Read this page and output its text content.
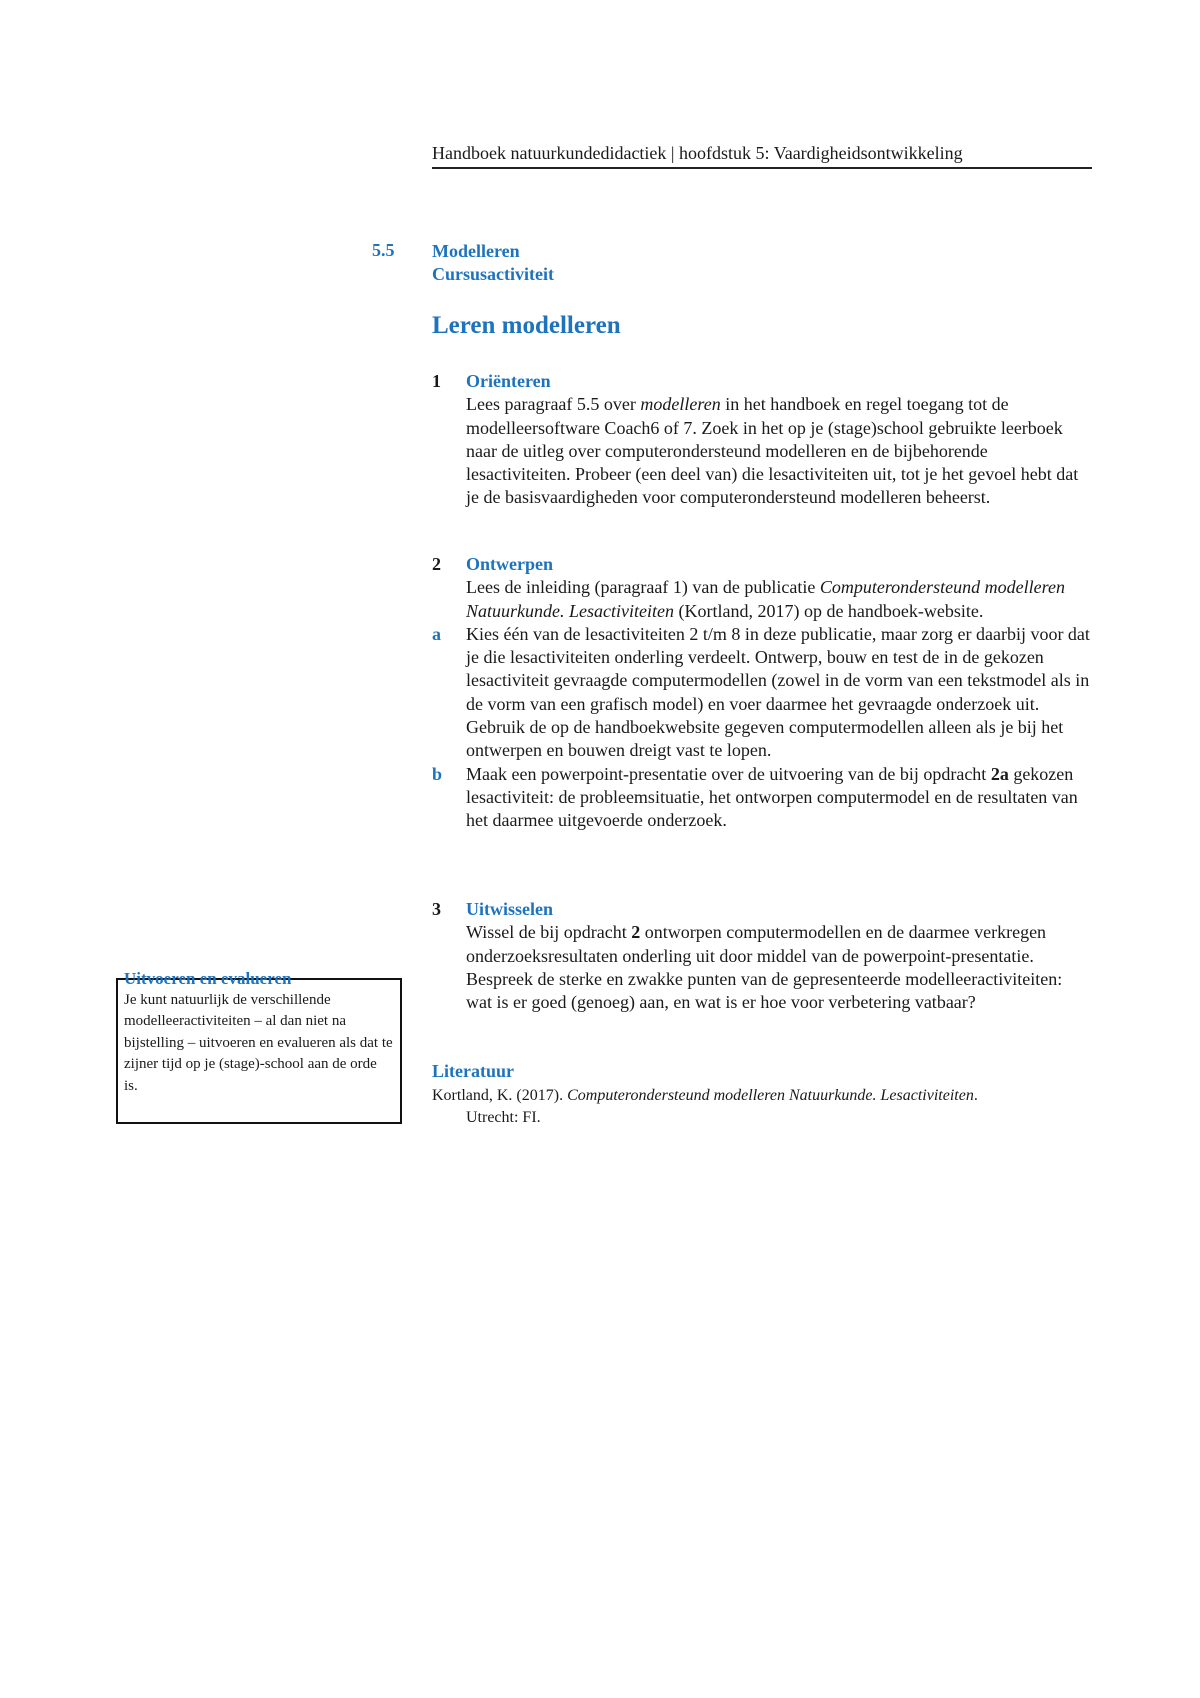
Handboek natuurkundedidactiek | hoofdstuk 5: Vaardigheidsontwikkeling
5.5 Modelleren
Cursusactiviteit
Leren modelleren
1 Oriënteren
Lees paragraaf 5.5 over modelleren in het handboek en regel toegang tot de modelleersoftware Coach6 of 7. Zoek in het op je (stage)school gebruikte leerboek naar de uitleg over computerondersteund modelleren en de bijbehorende lesactiviteiten. Probeer (een deel van) die lesactiviteiten uit, tot je het gevoel hebt dat je de basisvaardigheden voor computerondersteund modelleren beheerst.
2 Ontwerpen
Lees de inleiding (paragraaf 1) van de publicatie Computerondersteund modelleren Natuurkunde. Lesactiviteiten (Kortland, 2017) op de handboek-website.
a Kies één van de lesactiviteiten 2 t/m 8 in deze publicatie, maar zorg er daarbij voor dat je die lesactiviteiten onderling verdeelt. Ontwerp, bouw en test de in de gekozen lesactiviteit gevraagde computermodellen (zowel in de vorm van een tekstmodel als in de vorm van een grafisch model) en voer daarmee het gevraagde onderzoek uit. Gebruik de op de handboekwebsite gegeven computermodellen alleen als je bij het ontwerpen en bouwen dreigt vast te lopen.
b Maak een powerpoint-presentatie over de uitvoering van de bij opdracht 2a gekozen lesactiviteit: de probleemsituatie, het ontworpen computermodel en de resultaten van het daarmee uitgevoerde onderzoek.
3 Uitwisselen
Wissel de bij opdracht 2 ontworpen computermodellen en de daarmee verkregen onderzoeksresultaten onderling uit door middel van de powerpoint-presentatie. Bespreek de sterke en zwakke punten van de gepresenteerde modelleeractiviteiten: wat is er goed (genoeg) aan, en wat is er hoe voor verbetering vatbaar?
Literatuur
Kortland, K. (2017). Computerondersteund modelleren Natuurkunde. Lesactiviteiten.
Utrecht: FI.
Uitvoeren en evalueren
Je kunt natuurlijk de verschillende modelleeractiviteiten – al dan niet na bijstelling – uitvoeren en evalueren als dat te zijner tijd op je (stage)-school aan de orde is.
